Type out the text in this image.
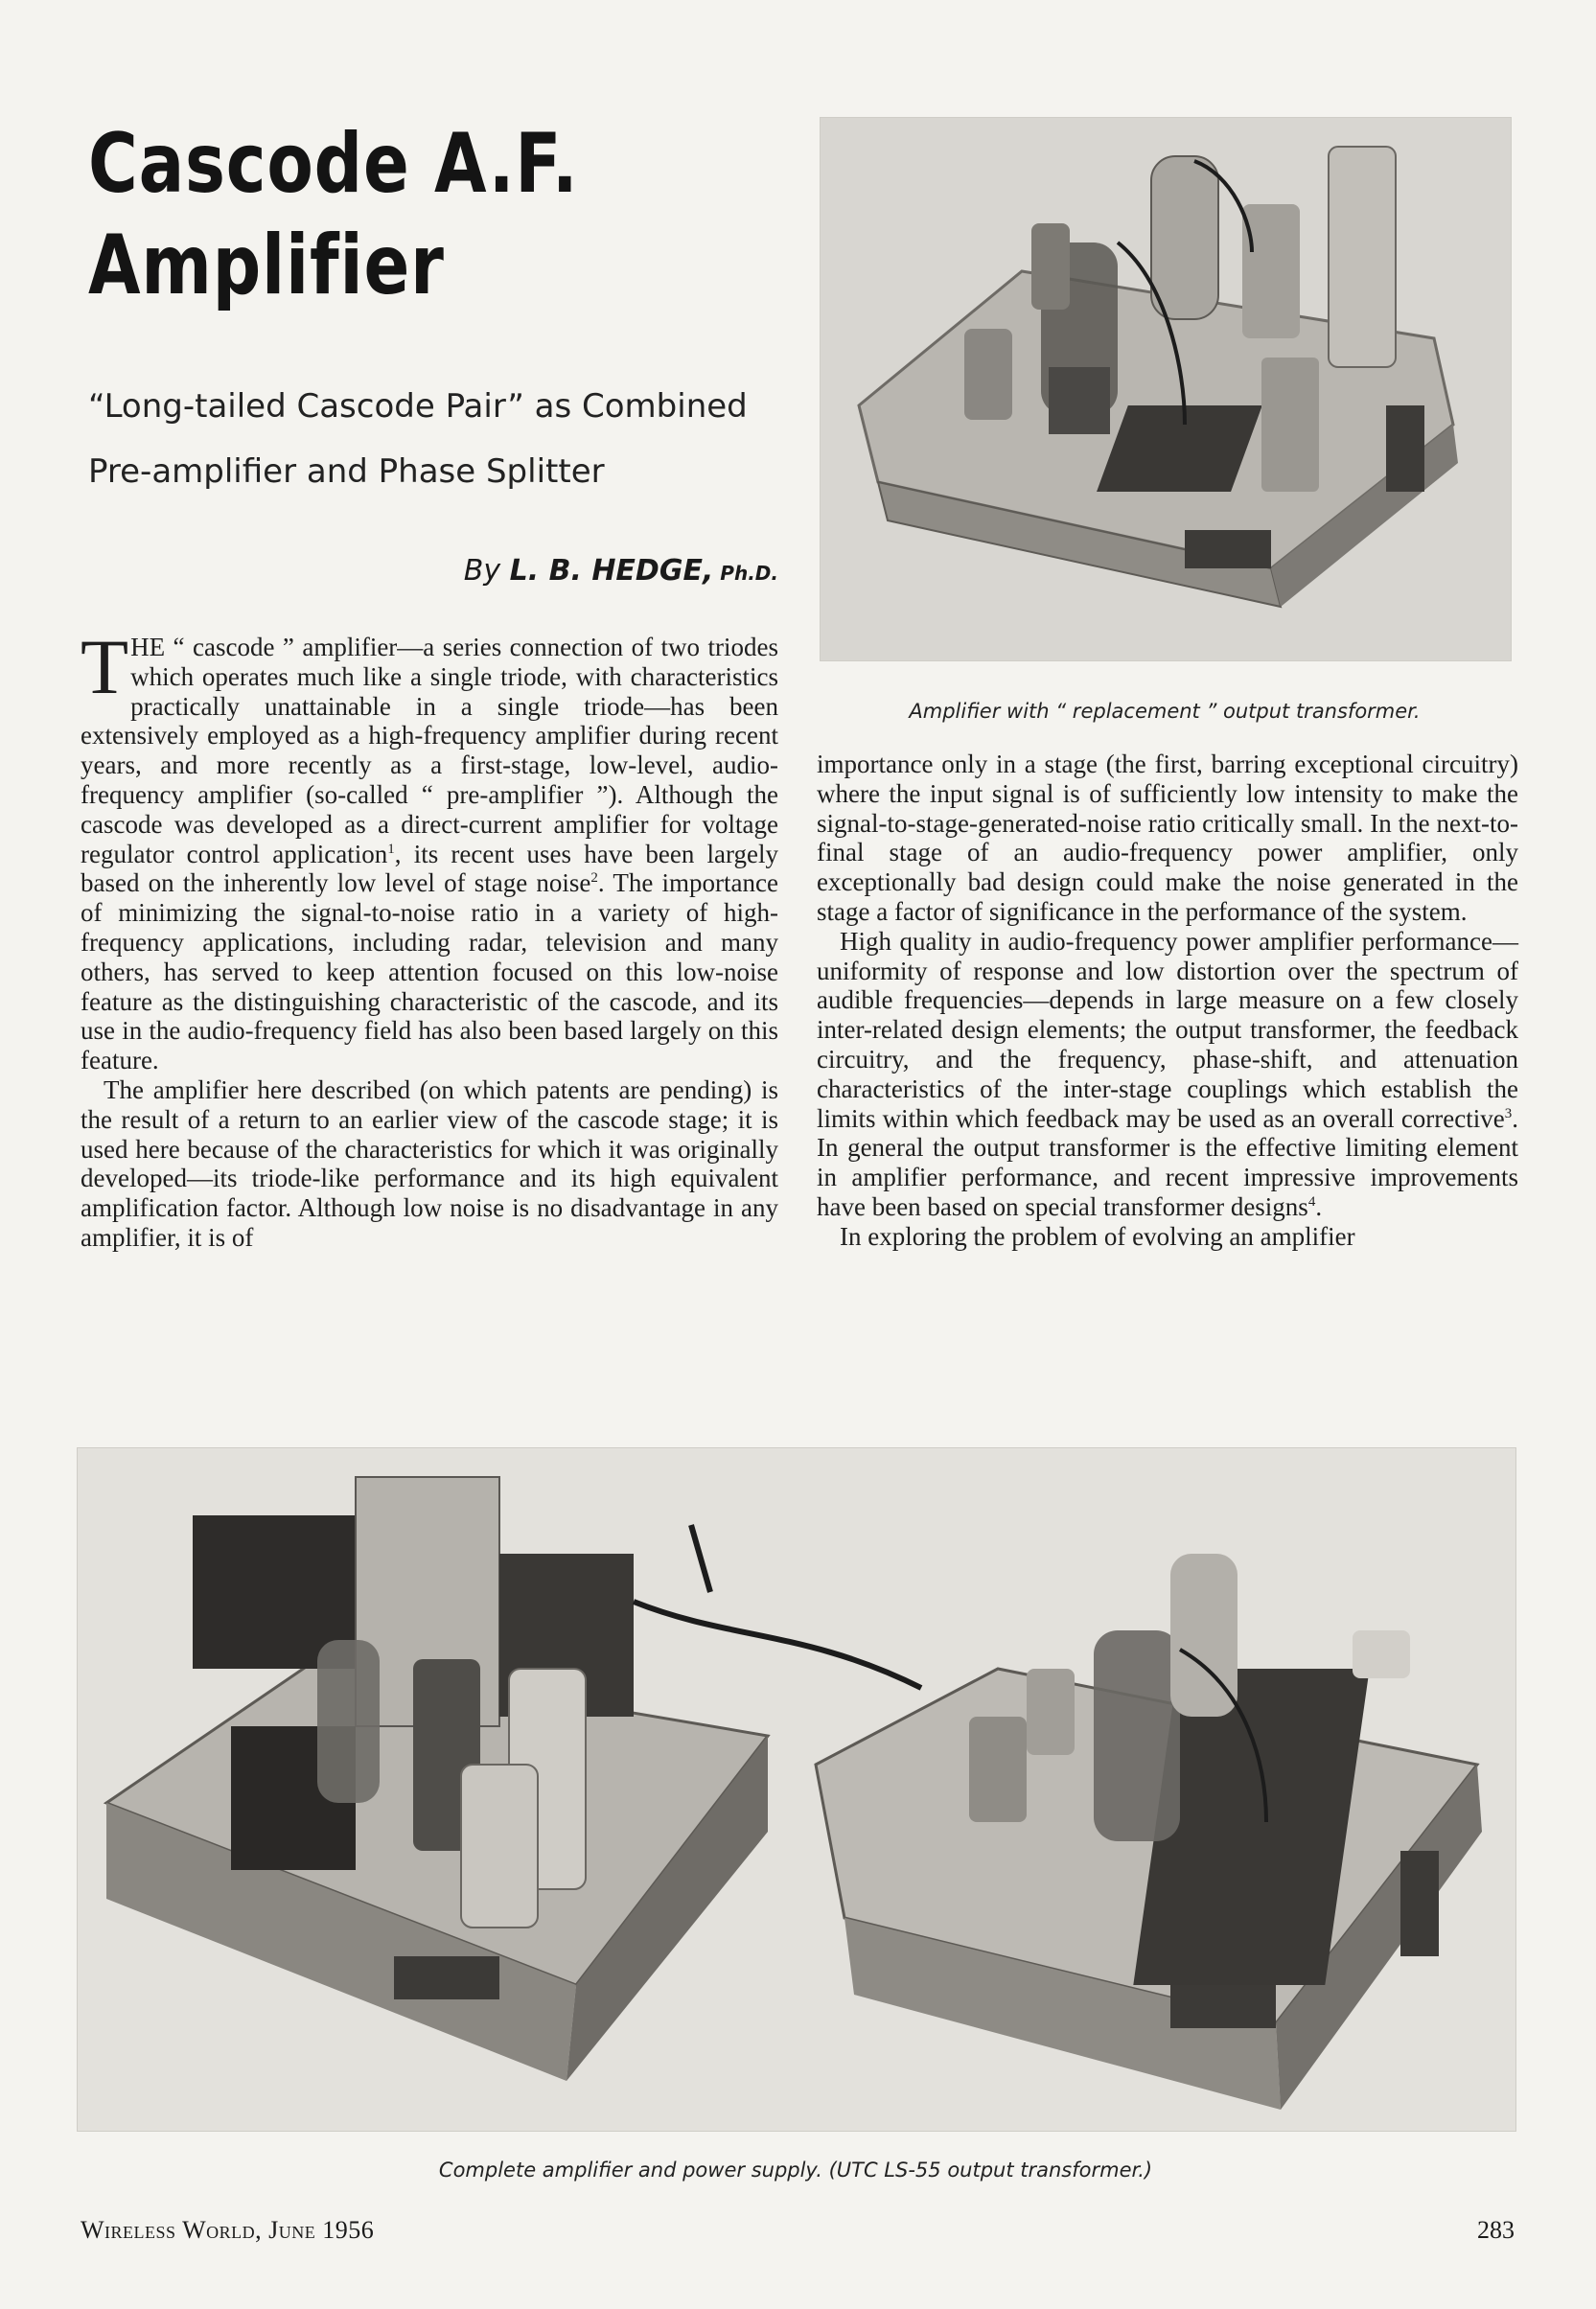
Cascode A.F.
Amplifier
“Long-tailed Cascode Pair” as Combined
Pre-amplifier and Phase Splitter
By L. B. HEDGE, Ph.D.
Amplifier with “ replacement ” output transformer.

THE “ cascode ” amplifier—a series connection of two triodes which operates much like a single triode, with characteristics practically unattainable in a single triode—has been extensively employed as a high-frequency amplifier during recent years, and more recently as a first-stage, low-level, audio-frequency amplifier (so-called “ pre-amplifier ”). Although the cascode was developed as a direct-current amplifier for voltage regulator control application$^1$, its recent uses have been largely based on the inherently low level of stage noise$^2$. The importance of minimizing the signal-to-noise ratio in a variety of high-frequency applications, including radar, television and many others, has served to keep attention focused on this low-noise feature as the distinguishing characteristic of the cascode, and its use in the audio-frequency field has also been based largely on this feature.

The amplifier here described (on which patents are pending) is the result of a return to an earlier view of the cascode stage; it is used here because of the characteristics for which it was originally developed—its triode-like performance and its high equivalent amplification factor. Although low noise is no disadvantage in any amplifier, it is of

importance only in a stage (the first, barring exceptional circuitry) where the input signal is of sufficiently low intensity to make the signal-to-stage-generated-noise ratio critically small. In the next-to-final stage of an audio-frequency power amplifier, only exceptionally bad design could make the noise generated in the stage a factor of significance in the performance of the system.

High quality in audio-frequency power amplifier performance—uniformity of response and low distortion over the spectrum of audible frequencies—depends in large measure on a few closely inter-related design elements; the output transformer, the feedback circuitry, and the frequency, phase-shift, and attenuation characteristics of the inter-stage couplings which establish the limits within which feedback may be used as an overall corrective$^3$. In general the output transformer is the effective limiting element in amplifier performance, and recent impressive improvements have been based on special transformer designs$^4$.

In exploring the problem of evolving an amplifier

Complete amplifier and power supply. (UTC LS-55 output transformer.)
Wireless World, June 1956	283
